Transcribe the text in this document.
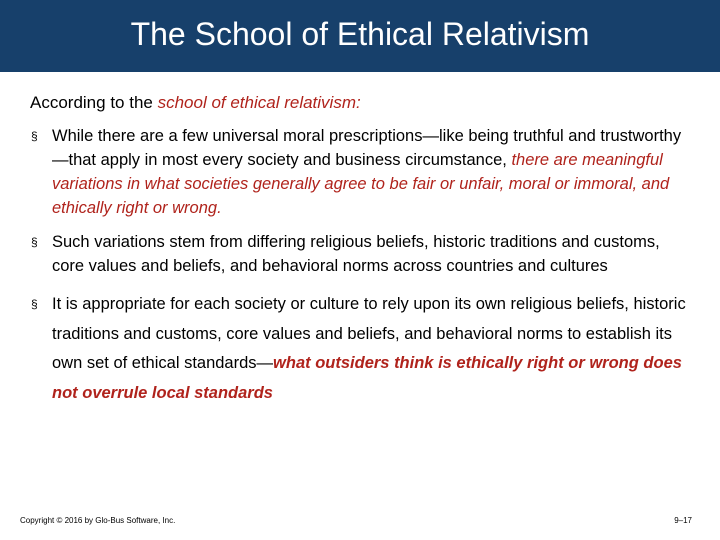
The School of Ethical Relativism
According to the school of ethical relativism:
§ While there are a few universal moral prescriptions—like being truthful and trustworthy—that apply in most every society and business circumstance, there are meaningful variations in what societies generally agree to be fair or unfair, moral or immoral, and ethically right or wrong.
§ Such variations stem from differing religious beliefs, historic traditions and customs, core values and beliefs, and behavioral norms across countries and cultures
§ It is appropriate for each society or culture to rely upon its own religious beliefs, historic traditions and customs, core values and beliefs, and behavioral norms to establish its own set of ethical standards—what outsiders think is ethically right or wrong does not overrule local standards
Copyright © 2016 by Glo-Bus Software, Inc.	9–17
